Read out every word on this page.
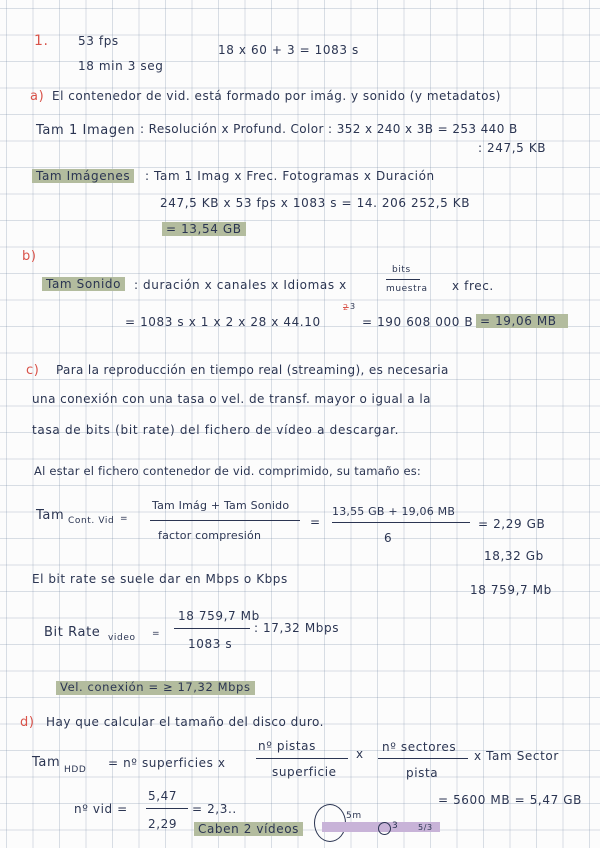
1. 53 fps
18 min 3 seg
18 x 60 + 3 = 1083 s
a) El contenedor de vid. está formado por imág. y sonido (y metadatos)
Tam 1 Imagen : Resolución x Profund. Color : 352 x 240 x 3B = 253 440 B
: 247,5 KB
Tam Imágenes	: Tam 1 Imag x Frec. Fotogramas x Duración
247,5 KB x 53 fps x 1083 s = 14. 206 252,5 KB
= 13,54 GB
b)
Tam Sonido	: duración x canales x Idiomas x
bits
muestra x frec.
= 1083 s x 1 x 2 x 28 x 44.10
2 3
= 190 608 000 B = 19,06 MB
c) Para la reproducción en tiempo real (streaming), es necesaria
una conexión con una tasa o vel. de transf. mayor o igual a la
tasa de bits (bit rate) del fichero de vídeo a descargar.
Al estar el fichero contenedor de vid. comprimido, su tamaño es:
Tam Cont. Vid =
Tam Imág + Tam Sonido
factor compresión
=
13,55 GB + 19,06 MB
6
= 2,29 GB
18,32 Gb
18 759,7 Mb
El bit rate se suele dar en Mbps o Kbps
Bit Rate video =
18 759,7 Mb
1083 s
: 17,32 Mbps
Vel. conexión = ≥ 17,32 Mbps
d) Hay que calcular el tamaño del disco duro.
Tam HDD = nº superficies x
nº pistas
superficie
x nº sectores
pista
x Tam Sector
= 5600 MB = 5,47 GB
nº vid =
5,47
2,29
= 2,3..
Caben 2 vídeos
5m
3 5/3
